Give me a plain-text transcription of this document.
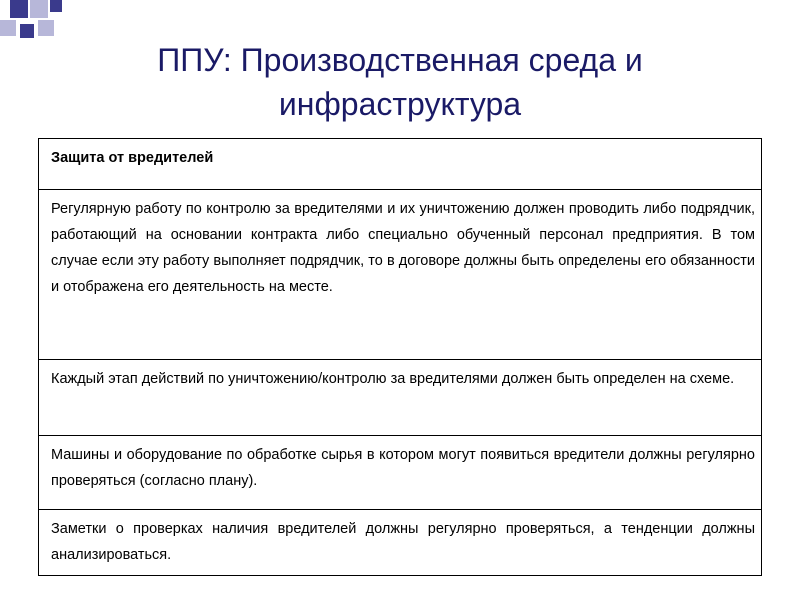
ППУ: Производственная среда и инфраструктура
Защита от вредителей
Регулярную работу по контролю за вредителями и их уничтожению должен проводить либо подрядчик, работающий на основании контракта либо специально обученный персонал предприятия. В том случае если эту работу выполняет подрядчик, то в договоре должны быть определены его обязанности и отображена его деятельность на месте.
Каждый этап действий по уничтожению/контролю за вредителями должен быть определен на схеме.
Машины и оборудование по обработке сырья в котором могут появиться вредители должны регулярно проверяться (согласно плану).
Заметки о проверках наличия вредителей должны регулярно проверяться, а тенденции должны анализироваться.
